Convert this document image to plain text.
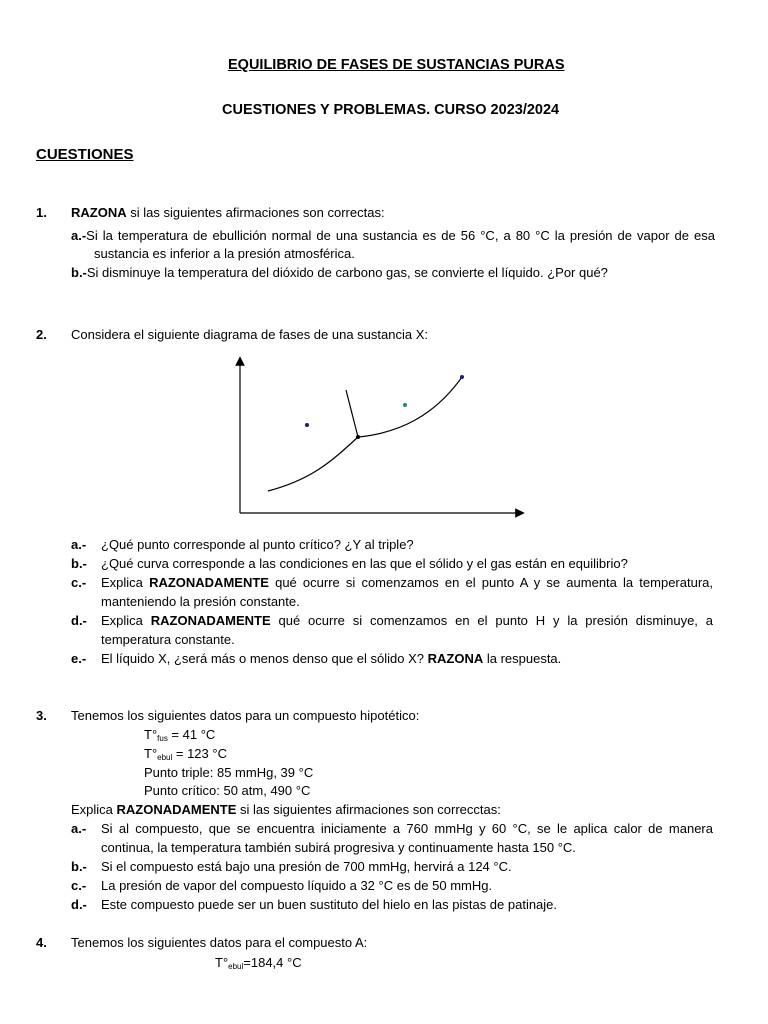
EQUILIBRIO DE FASES DE SUSTANCIAS PURAS
CUESTIONES Y PROBLEMAS. CURSO 2023/2024
CUESTIONES
1. RAZONA si las siguientes afirmaciones son correctas:
a.-Si la temperatura de ebullición normal de una sustancia es de 56 °C, a 80 °C la presión de vapor de esa
sustancia es inferior a la presión atmosférica.
b.-Si disminuye la temperatura del dióxido de carbono gas, se convierte el líquido. ¿Por qué?
2. Considera el siguiente diagrama de fases de una sustancia X:
a.- ¿Qué punto corresponde al punto crítico? ¿Y al triple?
b.- ¿Qué curva corresponde a las condiciones en las que el sólido y el gas están en equilibrio?
c.- Explica RAZONADAMENTE qué ocurre si comenzamos en el punto A y se aumenta la temperatura,
manteniendo la presión constante.
d.- Explica RAZONADAMENTE qué ocurre si comenzamos en el punto H y la presión disminuye, a
temperatura constante.
e.- El líquido X, ¿será más o menos denso que el sólido X? RAZONA la respuesta.
3. Tenemos los siguientes datos para un compuesto hipotético:
$T^\circ_{fus} = 41$ °C
$T^\circ_{ebul} = 123$ °C
Punto triple: 85 mmHg, 39 °C
Punto crítico: 50 atm, 490 °C
Explica RAZONADAMENTE si las siguientes afirmaciones son correcctas:
a.- Si al compuesto, que se encuentra iniciamente a 760 mmHg y 60 °C, se le aplica calor de manera
continua, la temperatura también subirá progresiva y continuamente hasta 150 °C.
b.- Si el compuesto está bajo una presión de 700 mmHg, hervirá a 124 °C.
c.- La presión de vapor del compuesto líquido a 32 °C es de 50 mmHg.
d.- Este compuesto puede ser un buen sustituto del hielo en las pistas de patinaje.
4. Tenemos los siguientes datos para el compuesto A:
$T^\circ_{ebul}=184,4$ °C
